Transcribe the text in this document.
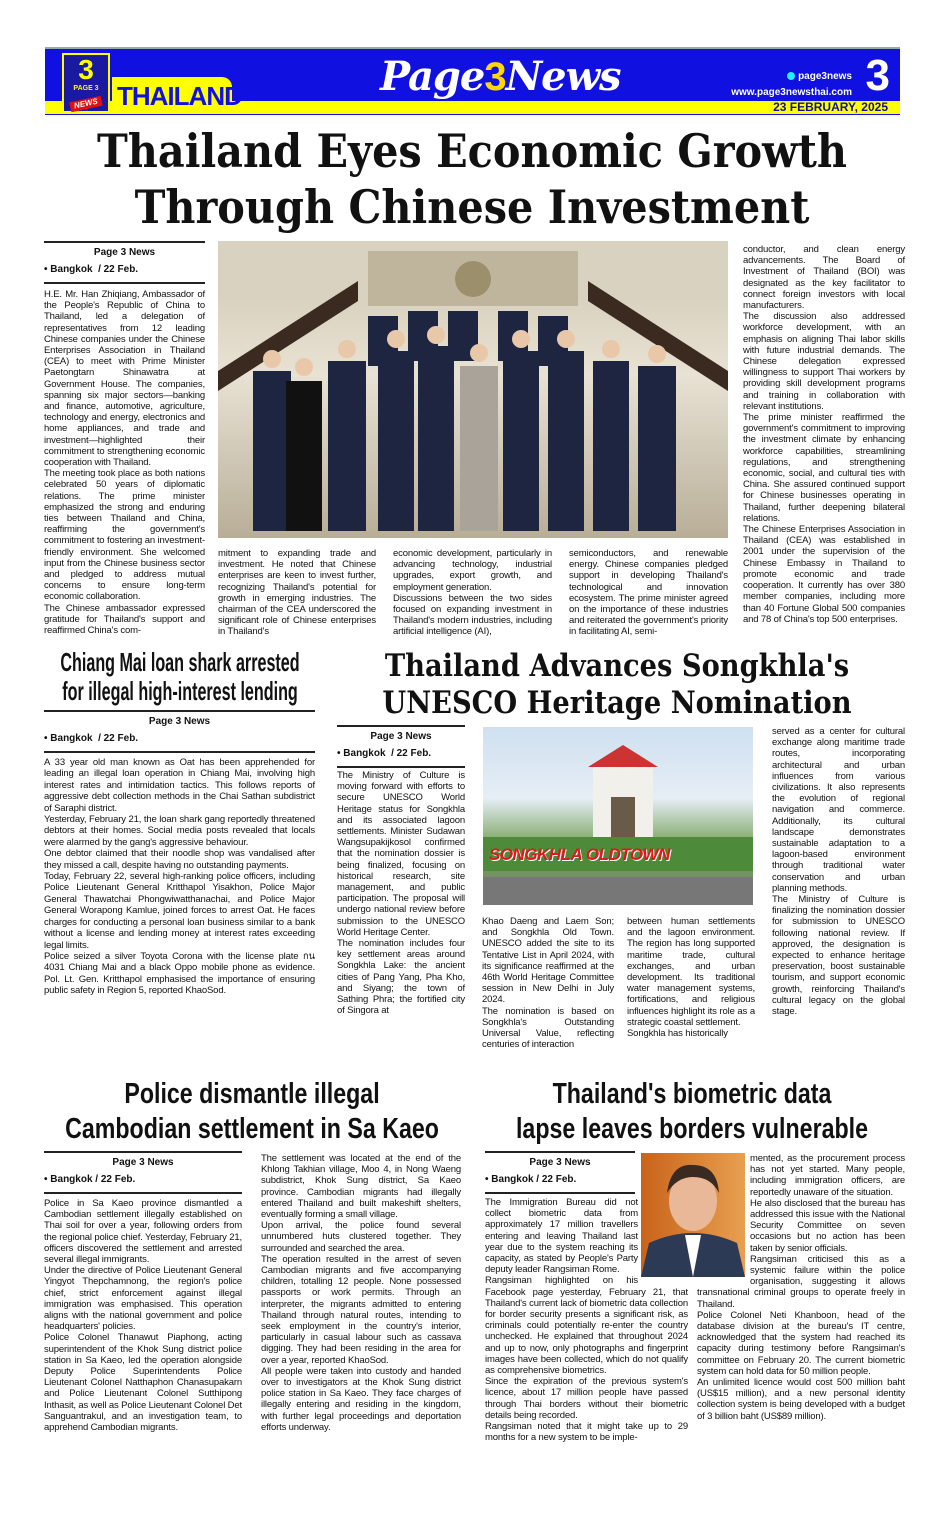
3
PAGE 3
NEWS THAILAND	Page3News	page3news
www.page3newsthai.com 3
23 FEBRUARY, 2025
Thailand Eyes Economic Growth
Through Chinese Investment
Page 3 News
• Bangkok  / 22 Feb.

H.E. Mr. Han Zhiqiang, Ambassador of the People's Republic of China to Thailand, led a delegation of representatives from 12 leading Chinese companies under the Chinese Enterprises Association in Thailand (CEA) to meet with Prime Minister Paetongtarn Shinawatra at Government House. The companies, spanning six major sectors—banking and finance, automotive, agriculture, technology and energy, electronics and home appliances, and trade and investment—highlighted their commitment to strengthening economic cooperation with Thailand.

The meeting took place as both nations celebrated 50 years of diplomatic relations. The prime minister emphasized the strong and enduring ties between Thailand and China, reaffirming the government's commitment to fostering an investment-friendly environment. She welcomed input from the Chinese business sector and pledged to address mutual concerns to ensure long-term economic collaboration.

The Chinese ambassador expressed gratitude for Thailand's support and reaffirmed China's com-

mitment to expanding trade and investment. He noted that Chinese enterprises are keen to invest further, recognizing Thailand's potential for growth in emerging industries. The chairman of the CEA underscored the significant role of Chinese enterprises in Thailand's

economic development, particularly in advancing technology, industrial upgrades, export growth, and employment generation.

Discussions between the two sides focused on expanding investment in Thailand's modern industries, including artificial intelligence (AI),

semiconductors, and renewable energy. Chinese companies pledged support in developing Thailand's technological and innovation ecosystem. The prime minister agreed on the importance of these industries and reiterated the government's priority in facilitating AI, semi-

conductor, and clean energy advancements. The Board of Investment of Thailand (BOI) was designated as the key facilitator to connect foreign investors with local manufacturers.

The discussion also addressed workforce development, with an emphasis on aligning Thai labor skills with future industrial demands. The Chinese delegation expressed willingness to support Thai workers by providing skill development programs and training in collaboration with relevant institutions.

The prime minister reaffirmed the government's commitment to improving the investment climate by enhancing workforce capabilities, streamlining regulations, and strengthening economic, social, and cultural ties with China. She assured continued support for Chinese businesses operating in Thailand, further deepening bilateral relations.

The Chinese Enterprises Association in Thailand (CEA) was established in 2001 under the supervision of the Chinese Embassy in Thailand to promote economic and trade cooperation. It currently has over 380 member companies, including more than 40 Fortune Global 500 companies and 78 of China's top 500 enterprises.

Chiang Mai loan shark arrested
for illegal high-interest lending
Page 3 News
• Bangkok  / 22 Feb.

A 33 year old man known as Oat has been apprehended for leading an illegal loan operation in Chiang Mai, involving high interest rates and intimidation tactics. This follows reports of aggressive debt collection methods in the Chai Sathan subdistrict of Saraphi district.

Yesterday, February 21, the loan shark gang reportedly threatened debtors at their homes. Social media posts revealed that locals were alarmed by the gang's aggressive behaviour.

One debtor claimed that their noodle shop was vandalised after they missed a call, despite having no outstanding payments.

Today, February 22, several high-ranking police officers, including Police Lieutenant General Kritthapol Yisakhon, Police Major General Thawatchai Phongwiwatthanachai, and Police Major General Worapong Kamlue, joined forces to arrest Oat. He faces charges for conducting a personal loan business similar to a bank without a license and lending money at interest rates exceeding legal limits.

Police seized a silver Toyota Corona with the license plate กน 4031 Chiang Mai and a black Oppo mobile phone as evidence. Pol. Lt. Gen. Kritthapol emphasised the importance of ensuring public safety in Region 5, reported KhaoSod.

Thailand Advances Songkhla's
UNESCO Heritage Nomination
Page 3 News
• Bangkok  / 22 Feb.

The Ministry of Culture is moving forward with efforts to secure UNESCO World Heritage status for Songkhla and its associated lagoon settlements. Minister Sudawan Wangsupakijkosol confirmed that the nomination dossier is being finalized, focusing on historical research, site management, and public participation. The proposal will undergo national review before submission to the UNESCO World Heritage Center.

The nomination includes four key settlement areas around Songkhla Lake: the ancient cities of Pang Yang, Pha Kho, and Siyang; the town of Sathing Phra; the fortified city of Singora at

SONGKHLA OLDTOWN

Khao Daeng and Laem Son; and Songkhla Old Town. UNESCO added the site to its Tentative List in April 2024, with its significance reaffirmed at the 46th World Heritage Committee session in New Delhi in July 2024.

The nomination is based on Songkhla's Outstanding Universal Value, reflecting centuries of interaction

between human settlements and the lagoon environment. The region has long supported maritime trade, cultural exchanges, and urban development. Its traditional water management systems, fortifications, and religious influences highlight its role as a strategic coastal settlement.

Songkhla has historically

served as a center for cultural exchange along maritime trade routes, incorporating architectural and urban influences from various civilizations. It also represents the evolution of regional navigation and commerce. Additionally, its cultural landscape demonstrates sustainable adaptation to a lagoon-based environment through traditional water conservation and urban planning methods.

The Ministry of Culture is finalizing the nomination dossier for submission to UNESCO following national review. If approved, the designation is expected to enhance heritage preservation, boost sustainable tourism, and support economic growth, reinforcing Thailand's cultural legacy on the global stage.

Police dismantle illegal
Cambodian settlement in Sa Kaeo
Page 3 News
• Bangkok / 22 Feb.

Police in Sa Kaeo province dismantled a Cambodian settlement illegally established on Thai soil for over a year, following orders from the regional police chief. Yesterday, February 21, officers discovered the settlement and arrested several illegal immigrants.

Under the directive of Police Lieutenant General Yingyot Thepchamnong, the region's police chief, strict enforcement against illegal immigration was emphasised. This operation aligns with the national government and police headquarters' policies.

Police Colonel Thanawut Piaphong, acting superintendent of the Khok Sung district police station in Sa Kaeo, led the operation alongside Deputy Police Superintendents Police Lieutenant Colonel Natthaphon Chanasupakarn and Police Lieutenant Colonel Sutthipong Inthasit, as well as Police Lieutenant Colonel Det Sanguantrakul, and an investigation team, to apprehend Cambodian migrants.

The settlement was located at the end of the Khlong Takhian village, Moo 4, in Nong Waeng subdistrict, Khok Sung district, Sa Kaeo province. Cambodian migrants had illegally entered Thailand and built makeshift shelters, eventually forming a small village.

Upon arrival, the police found several unnumbered huts clustered together. They surrounded and searched the area.

The operation resulted in the arrest of seven Cambodian migrants and five accompanying children, totalling 12 people. None possessed passports or work permits. Through an interpreter, the migrants admitted to entering Thailand through natural routes, intending to seek employment in the country's interior, particularly in casual labour such as cassava digging. They had been residing in the area for over a year, reported KhaoSod.

All people were taken into custody and handed over to investigators at the Khok Sung district police station in Sa Kaeo. They face charges of illegally entering and residing in the kingdom, with further legal proceedings and deportation efforts underway.

Thailand's biometric data
lapse leaves borders vulnerable
Page 3 News
• Bangkok / 22 Feb.

The Immigration Bureau did not collect biometric data from approximately 17 million travellers entering and leaving Thailand last year due to the system reaching its capacity, as stated by People's Party deputy leader Rangsiman Rome.

Rangsiman highlighted on his Facebook page yesterday, February 21, that Thailand's current lack of biometric data collection for border security presents a significant risk, as criminals could potentially re-enter the country unchecked. He explained that throughout 2024 and up to now, only photographs and fingerprint images have been collected, which do not qualify as comprehensive biometrics.

Since the expiration of the previous system's licence, about 17 million people have passed through Thai borders without their biometric details being recorded.

Rangsiman noted that it might take up to 29 months for a new system to be imple-

mented, as the procurement process has not yet started. Many people, including immigration officers, are reportedly unaware of the situation.

He also disclosed that the bureau has addressed this issue with the National Security Committee on seven occasions but no action has been taken by senior officials.

Rangsiman criticised this as a systemic failure within the police organisation, suggesting it allows transnational criminal groups to operate freely in Thailand.

Police Colonel Neti Khanboon, head of the database division at the bureau's IT centre, acknowledged that the system had reached its capacity during testimony before Rangsiman's committee on February 20. The current biometric system can hold data for 50 million people.

An unlimited licence would cost 500 million baht (US$15 million), and a new personal identity collection system is being developed with a budget of 3 billion baht (US$89 million).
